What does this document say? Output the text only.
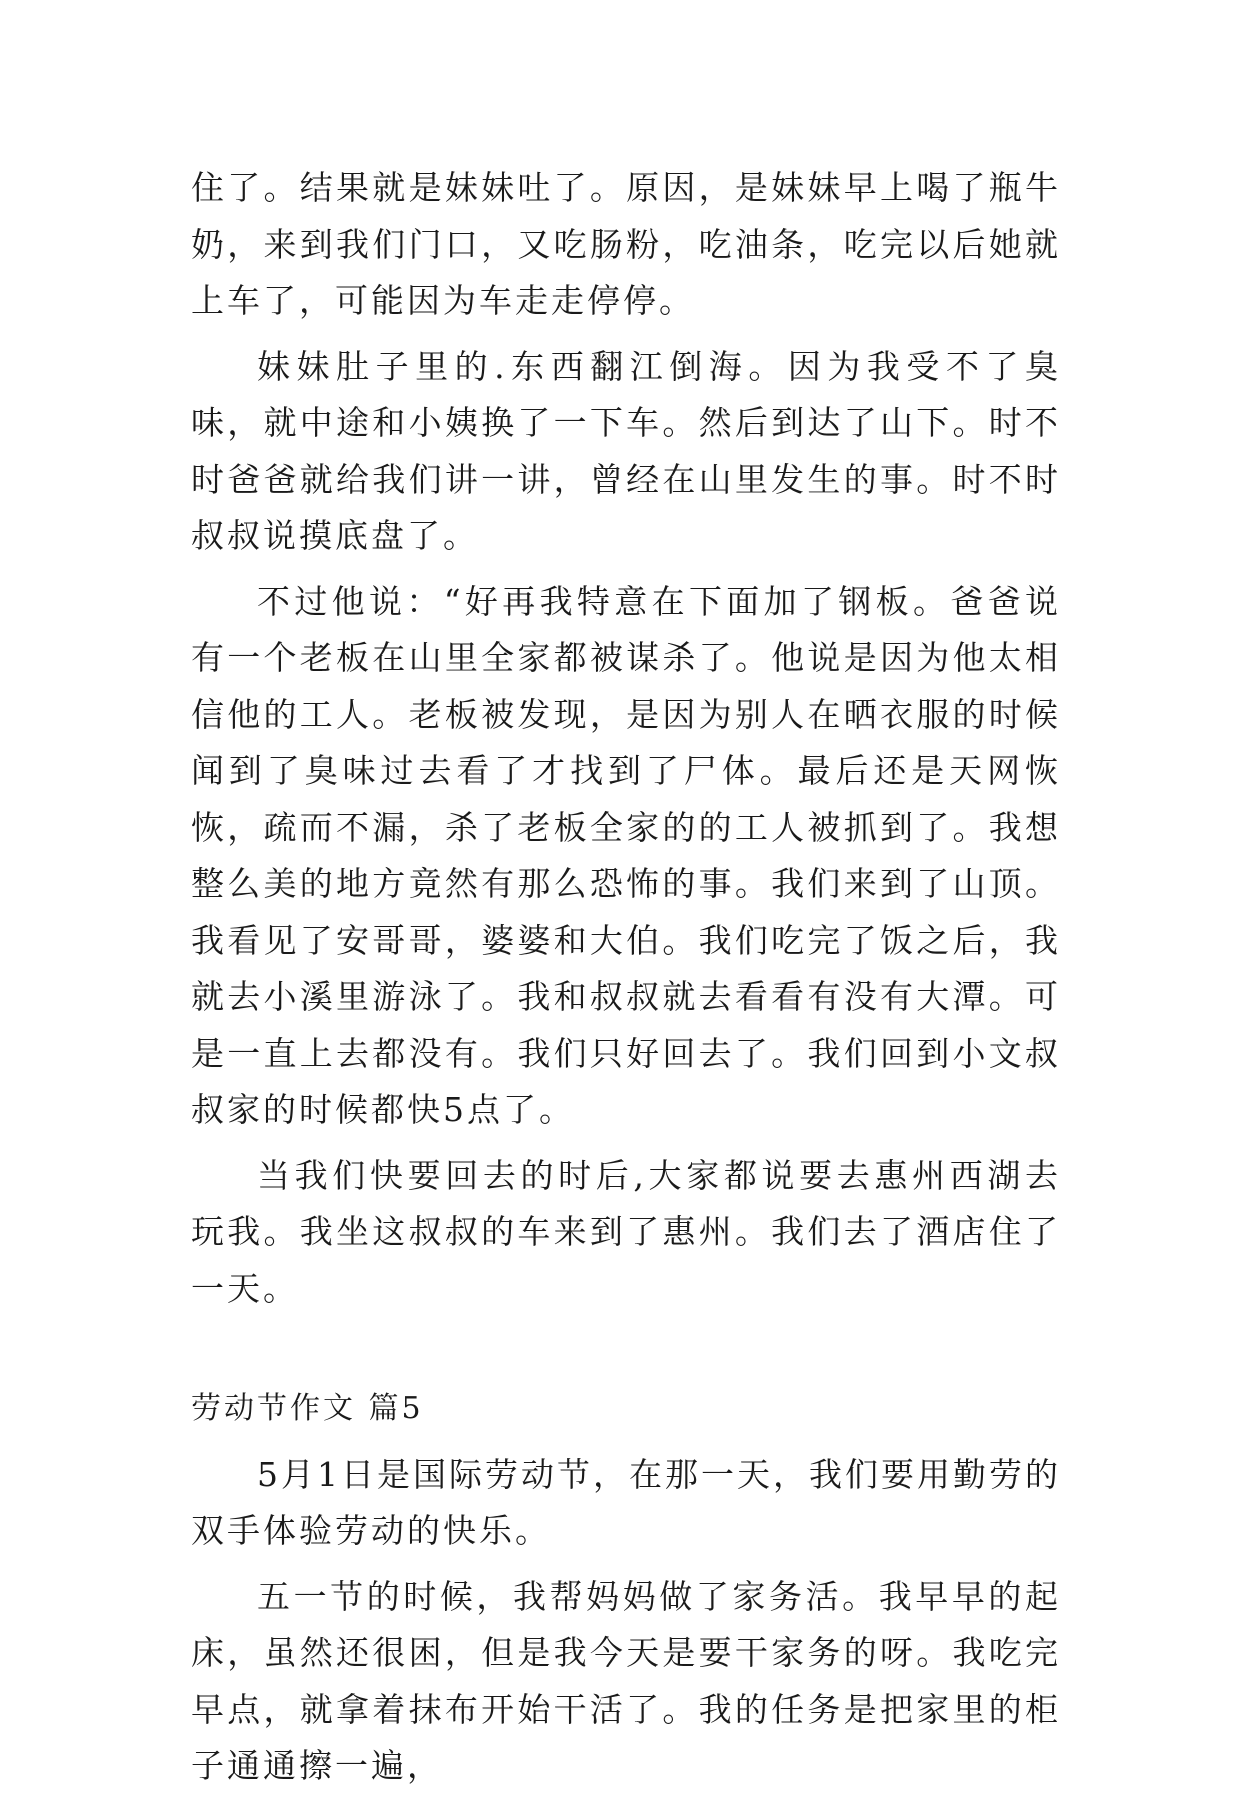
住了。结果就是妹妹吐了。原因，是妹妹早上喝了瓶牛奶，来到我们门口，又吃肠粉，吃油条，吃完以后她就上车了，可能因为车走走停停。

妹妹肚子里的.东西翻江倒海。因为我受不了臭味，就中途和小姨换了一下车。然后到达了山下。时不时爸爸就给我们讲一讲，曾经在山里发生的事。时不时叔叔说摸底盘了。

不过他说：“好再我特意在下面加了钢板。爸爸说有一个老板在山里全家都被谋杀了。他说是因为他太相信他的工人。老板被发现，是因为别人在晒衣服的时候闻到了臭味过去看了才找到了尸体。最后还是天网恢恢，疏而不漏，杀了老板全家的的工人被抓到了。我想整么美的地方竟然有那么恐怖的事。我们来到了山顶。我看见了安哥哥，婆婆和大伯。我们吃完了饭之后，我就去小溪里游泳了。我和叔叔就去看看有没有大潭。可是一直上去都没有。我们只好回去了。我们回到小文叔叔家的时候都快5点了。

当我们快要回去的时后,大家都说要去惠州西湖去玩我。我坐这叔叔的车来到了惠州。我们去了酒店住了一天。

劳动节作文 篇5

5月1日是国际劳动节，在那一天，我们要用勤劳的双手体验劳动的快乐。

五一节的时候，我帮妈妈做了家务活。我早早的起床，虽然还很困，但是我今天是要干家务的呀。我吃完早点，就拿着抹布开始干活了。我的任务是把家里的柜子通通擦一遍，
